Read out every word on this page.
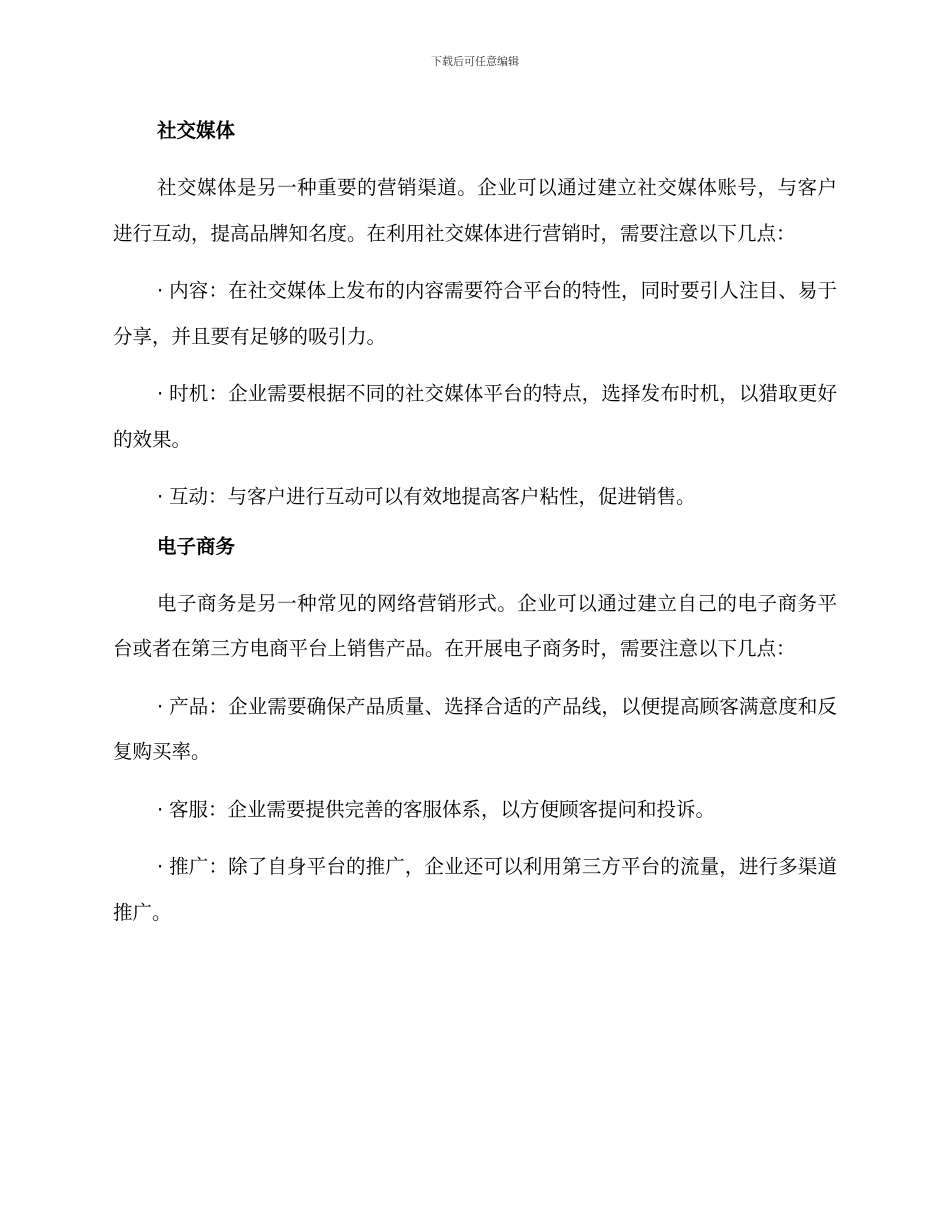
下载后可任意编辑
社交媒体

社交媒体是另一种重要的营销渠道。企业可以通过建立社交媒体账号，与客户进行互动，提高品牌知名度。在利用社交媒体进行营销时，需要注意以下几点：

· 内容：在社交媒体上发布的内容需要符合平台的特性，同时要引人注目、易于分享，并且要有足够的吸引力。

· 时机：企业需要根据不同的社交媒体平台的特点，选择发布时机，以猎取更好的效果。

· 互动：与客户进行互动可以有效地提高客户粘性，促进销售。

电子商务

电子商务是另一种常见的网络营销形式。企业可以通过建立自己的电子商务平台或者在第三方电商平台上销售产品。在开展电子商务时，需要注意以下几点：

· 产品：企业需要确保产品质量、选择合适的产品线，以便提高顾客满意度和反复购买率。

· 客服：企业需要提供完善的客服体系，以方便顾客提问和投诉。

· 推广：除了自身平台的推广，企业还可以利用第三方平台的流量，进行多渠道推广。
